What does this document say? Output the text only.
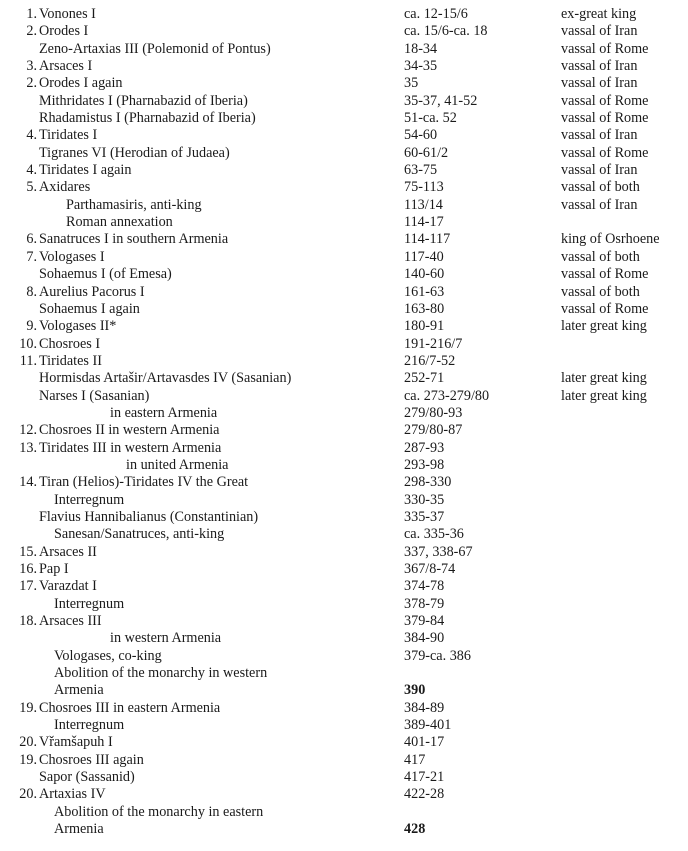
1. Vonones I	ca. 12-15/6	ex-great king
2. Orodes I	ca. 15/6-ca. 18	vassal of Iran
Zeno-Artaxias III (Polemonid of Pontus)	18-34	vassal of Rome
3. Arsaces I	34-35	vassal of Iran
2. Orodes I again	35	vassal of Iran
Mithridates I (Pharnabazid of Iberia)	35-37, 41-52	vassal of Rome
Rhadamistus I (Pharnabazid of Iberia)	51-ca. 52	vassal of Rome
4. Tiridates I	54-60	vassal of Iran
Tigranes VI (Herodian of Judaea)	60-61/2	vassal of Rome
4. Tiridates I again	63-75	vassal of Iran
5. Axidares	75-113	vassal of both
Parthamasiris, anti-king	113/14	vassal of Iran
Roman annexation	114-17
6. Sanatruces I in southern Armenia	114-117	king of Osrhoene
7. Vologases I	117-40	vassal of both
Sohaemus I (of Emesa)	140-60	vassal of Rome
8. Aurelius Pacorus I	161-63	vassal of both
Sohaemus I again	163-80	vassal of Rome
9. Vologases II*	180-91	later great king
10. Chosroes I	191-216/7
11. Tiridates II	216/7-52
Hormisdas Artašir/Artavasdes IV (Sasanian)	252-71	later great king
Narses I (Sasanian)	ca. 273-279/80	later great king
in eastern Armenia	279/80-93
12. Chosroes II in western Armenia	279/80-87
13. Tiridates III in western Armenia	287-93
in united Armenia	293-98
14. Tiran (Helios)-Tiridates IV the Great	298-330
Interregnum	330-35
Flavius Hannibalianus (Constantinian)	335-37
Sanesan/Sanatruces, anti-king	ca. 335-36
15. Arsaces II	337, 338-67
16. Pap I	367/8-74
17. Varazdat I	374-78
Interregnum	378-79
18. Arsaces III	379-84
in western Armenia	384-90
Vologases, co-king	379-ca. 386
Abolition of the monarchy in western
Armenia	390
19. Chosroes III in eastern Armenia	384-89
Interregnum	389-401
20. Vřamšapuh I	401-17
19. Chosroes III again	417
Sapor (Sassanid)	417-21
20. Artaxias IV	422-28
Abolition of the monarchy in eastern
Armenia	428
